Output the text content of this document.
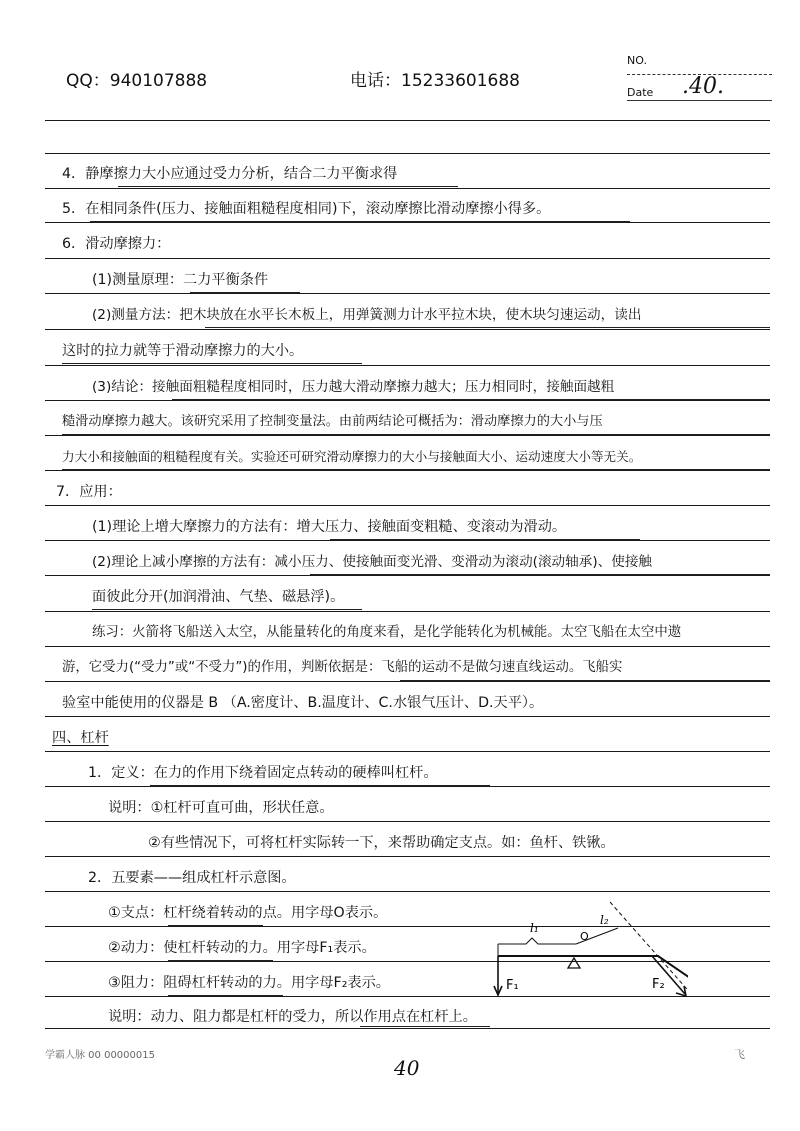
QQ：940107888	电话：15233601688
NO.
Date .40.
4．静摩擦力大小应通过受力分析，结合二力平衡求得
5．在相同条件(压力、接触面粗糙程度相同)下，滚动摩擦比滑动摩擦小得多。
6．滑动摩擦力：
(1)测量原理：二力平衡条件
(2)测量方法：把木块放在水平长木板上，用弹簧测力计水平拉木块，使木块匀速运动，读出
这时的拉力就等于滑动摩擦力的大小。
(3)结论：接触面粗糙程度相同时，压力越大滑动摩擦力越大；压力相同时，接触面越粗
糙滑动摩擦力越大。该研究采用了控制变量法。由前两结论可概括为：滑动摩擦力的大小与压
力大小和接触面的粗糙程度有关。实验还可研究滑动摩擦力的大小与接触面大小、运动速度大小等无关。
7．应用：
(1)理论上增大摩擦力的方法有：增大压力、接触面变粗糙、变滚动为滑动。
(2)理论上减小摩擦的方法有：减小压力、使接触面变光滑、变滑动为滚动(滚动轴承)、使接触
面彼此分开(加润滑油、气垫、磁悬浮)。
练习：火箭将飞船送入太空，从能量转化的角度来看，是化学能转化为机械能。太空飞船在太空中遨
游，它受力(“受力”或“不受力”)的作用，判断依据是：飞船的运动不是做匀速直线运动。飞船实
验室中能使用的仪器是 B （A.密度计、B.温度计、C.水银气压计、D.天平）。
四、杠杆
1．定义：在力的作用下绕着固定点转动的硬棒叫杠杆。
说明：①杠杆可直可曲，形状任意。
②有些情况下，可将杠杆实际转一下，来帮助确定支点。如：鱼杆、铁锹。
2．五要素——组成杠杆示意图。
①支点：杠杆绕着转动的点。用字母O表示。
②动力：使杠杆转动的力。用字母F₁表示。
③阻力：阻碍杠杆转动的力。用字母F₂表示。
说明：动力、阻力都是杠杆的受力，所以作用点在杠杆上。
l₁
l₂
O
F₁	F₂
学霸人脉 00 00000015
40
飞
